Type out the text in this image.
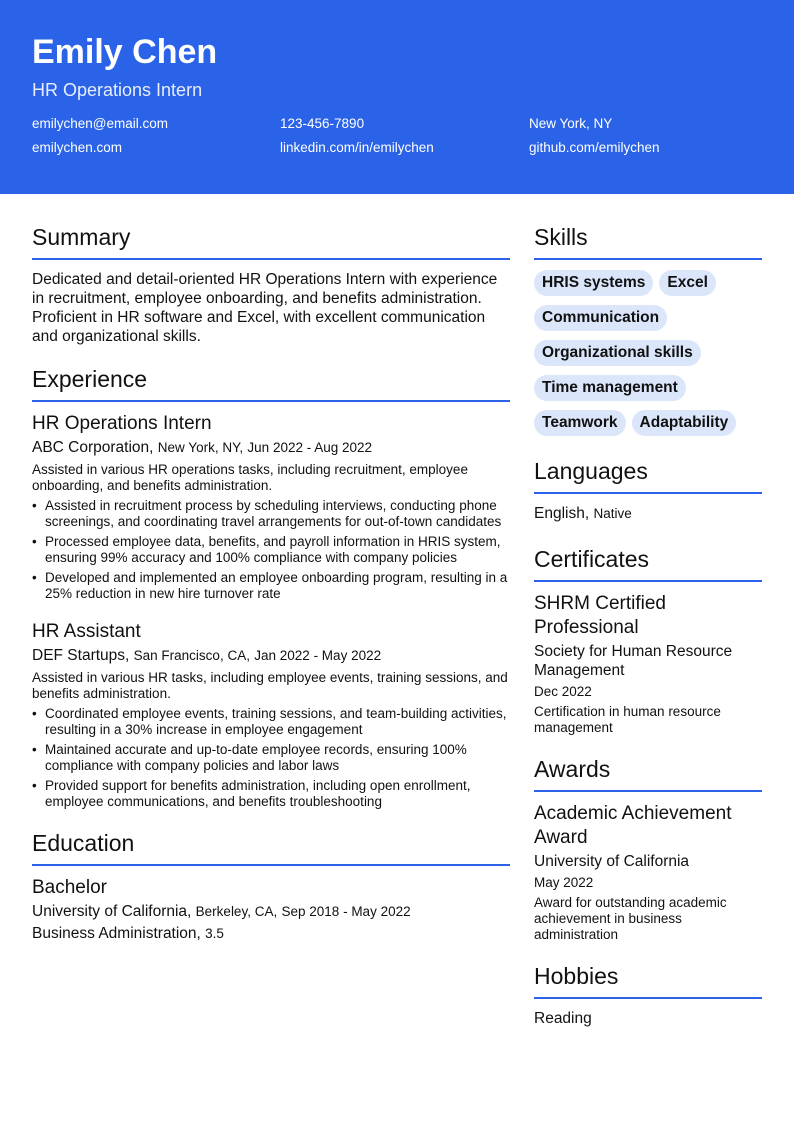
Emily Chen
HR Operations Intern
emilychen@email.com	123-456-7890	New York, NY
emilychen.com	linkedin.com/in/emilychen	github.com/emilychen
Summary

Dedicated and detail-oriented HR Operations Intern with experience in recruitment, employee onboarding, and benefits administration. Proficient in HR software and Excel, with excellent communication and organizational skills.

Experience
HR Operations Intern
ABC Corporation, New York, NY, Jun 2022 - Aug 2022
Assisted in various HR operations tasks, including recruitment, employee onboarding, and benefits administration.
• Assisted in recruitment process by scheduling interviews, conducting phone screenings, and coordinating travel arrangements for out-of-town candidates
• Processed employee data, benefits, and payroll information in HRIS system, ensuring 99% accuracy and 100% compliance with company policies
• Developed and implemented an employee onboarding program, resulting in a 25% reduction in new hire turnover rate
HR Assistant
DEF Startups, San Francisco, CA, Jan 2022 - May 2022
Assisted in various HR tasks, including employee events, training sessions, and benefits administration.
• Coordinated employee events, training sessions, and team-building activities, resulting in a 30% increase in employee engagement
• Maintained accurate and up-to-date employee records, ensuring 100% compliance with company policies and labor laws
• Provided support for benefits administration, including open enrollment, employee communications, and benefits troubleshooting
Education
Bachelor
University of California, Berkeley, CA, Sep 2018 - May 2022
Business Administration, 3.5
Skills
HRIS systems	Excel
Communication
Organizational skills
Time management
Teamwork	Adaptability
Languages
English, Native
Certificates
SHRM Certified Professional
Society for Human Resource Management
Dec 2022
Certification in human resource management
Awards
Academic Achievement Award
University of California
May 2022
Award for outstanding academic achievement in business administration
Hobbies
Reading
